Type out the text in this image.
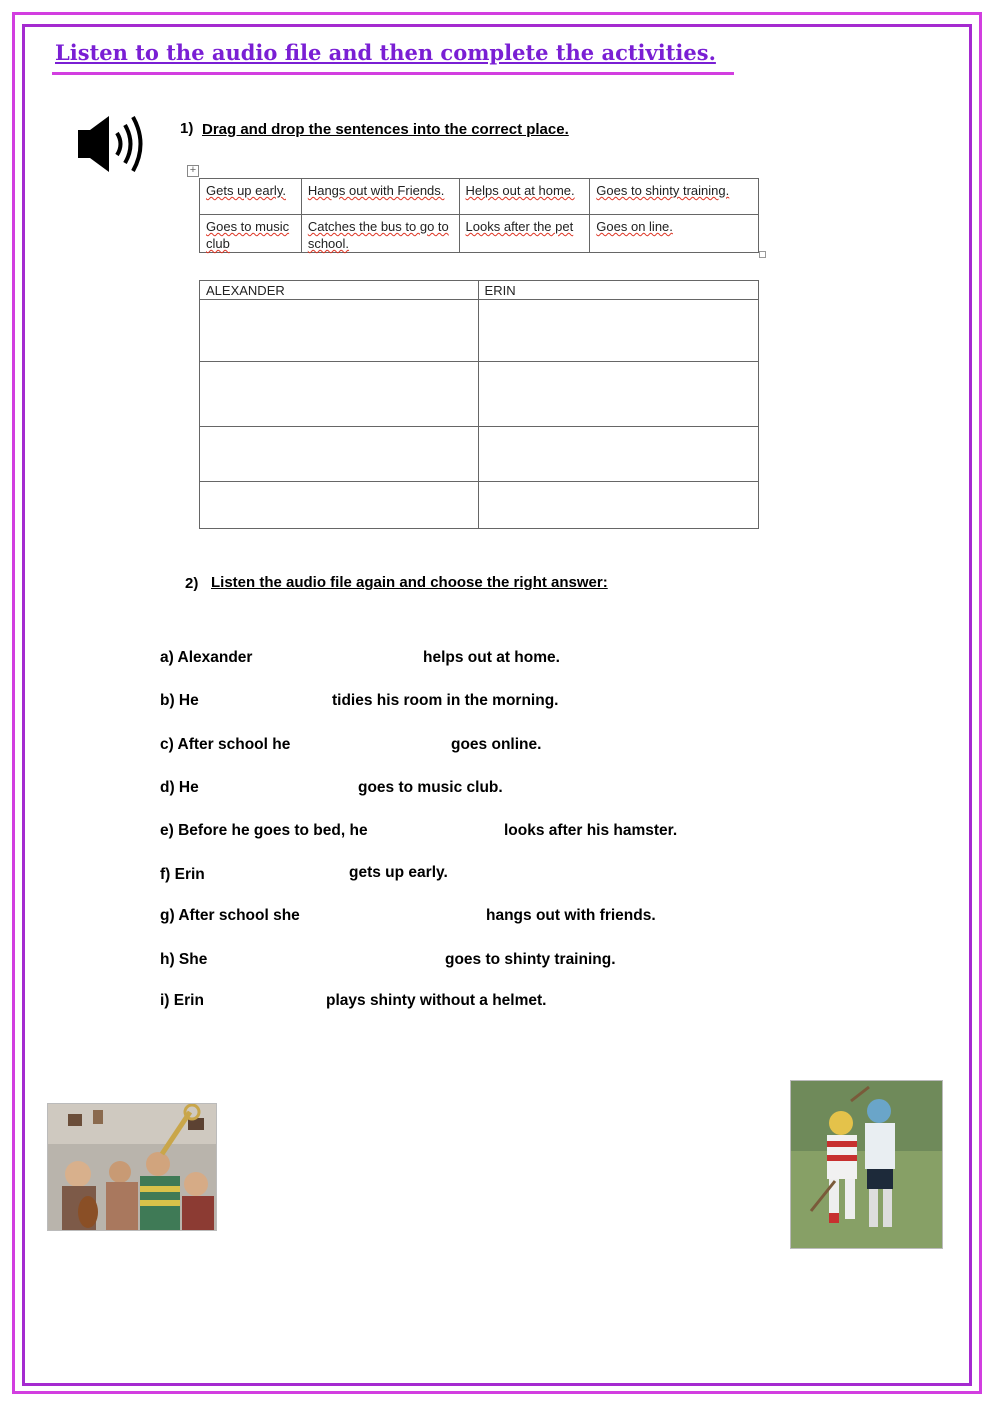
Listen to the audio file and then complete the activities.
1) Drag and drop the sentences into the correct place.
+
Gets up early.	Hangs out with Friends.	Helps out at home.	Goes to shinty training.
Goes to music club	Catches the bus to go to school.	Looks after the pet	Goes on line.
ALEXANDER	ERIN

2) Listen the audio file again and choose the right answer:
a) Alexander	helps out at home.
b) He	tidies his room in the morning.
c) After school he	goes online.
d) He	goes to music club.
e) Before he goes to bed, he	looks after his hamster.
f) Erin	gets up early.
g) After school she	hangs out with friends.
h) She	goes to shinty training.
i) Erin	plays shinty without a helmet.
